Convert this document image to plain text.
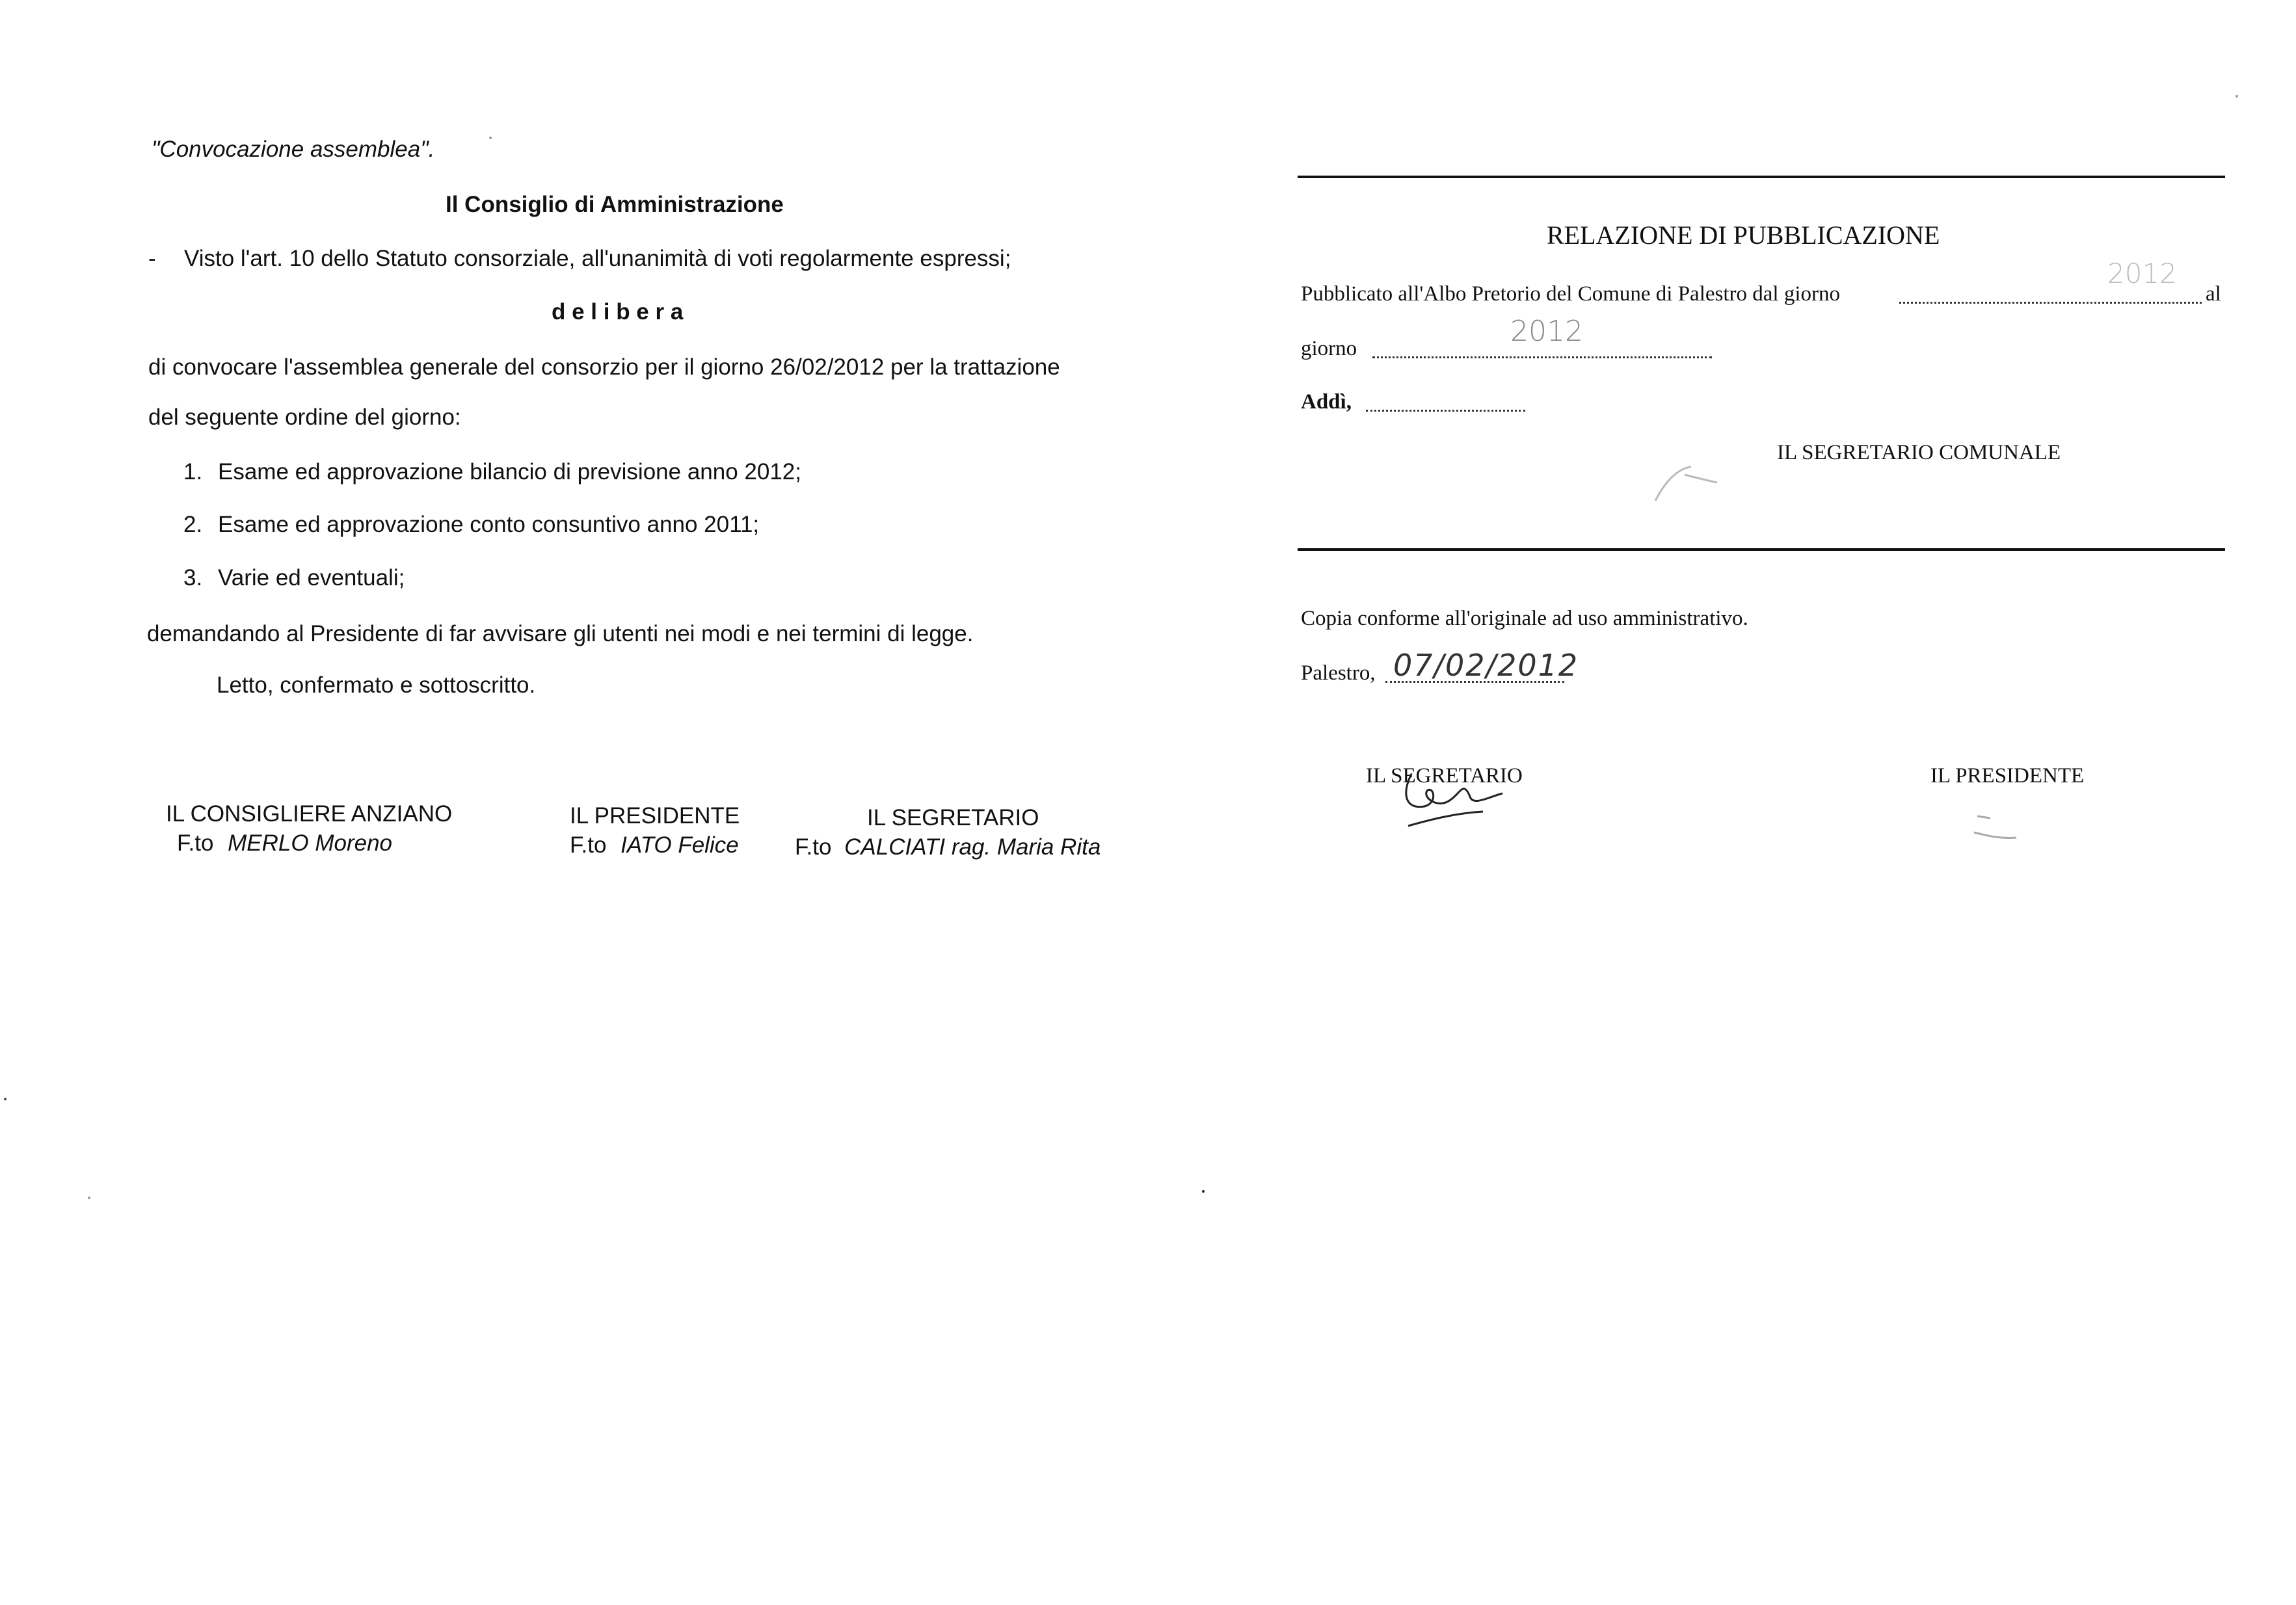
"Convocazione assemblea".
Il Consiglio di Amministrazione
- Visto l'art. 10 dello Statuto consorziale, all'unanimità di voti regolarmente espressi;
d e l i b e r a
di convocare l'assemblea generale del consorzio per il giorno 26/02/2012 per la trattazione
del seguente ordine del giorno:
1. Esame ed approvazione bilancio di previsione anno 2012;
2. Esame ed approvazione conto consuntivo anno 2011;
3. Varie ed eventuali;
demandando al Presidente di far avvisare gli utenti nei modi e nei termini di legge.
Letto, confermato e sottoscritto.
IL CONSIGLIERE ANZIANO
F.to MERLO Moreno
IL PRESIDENTE
F.to IATO Felice
IL SEGRETARIO
F.to CALCIATI rag. Maria Rita
RELAZIONE DI PUBBLICAZIONE
Pubblicato all'Albo Pretorio del Comune di Palestro dal giorno
2012
al
giorno
2012
Addì,
IL SEGRETARIO COMUNALE
Copia conforme all'originale ad uso amministrativo.
Palestro, 07/02/2012
IL SEGRETARIO	IL PRESIDENTE
